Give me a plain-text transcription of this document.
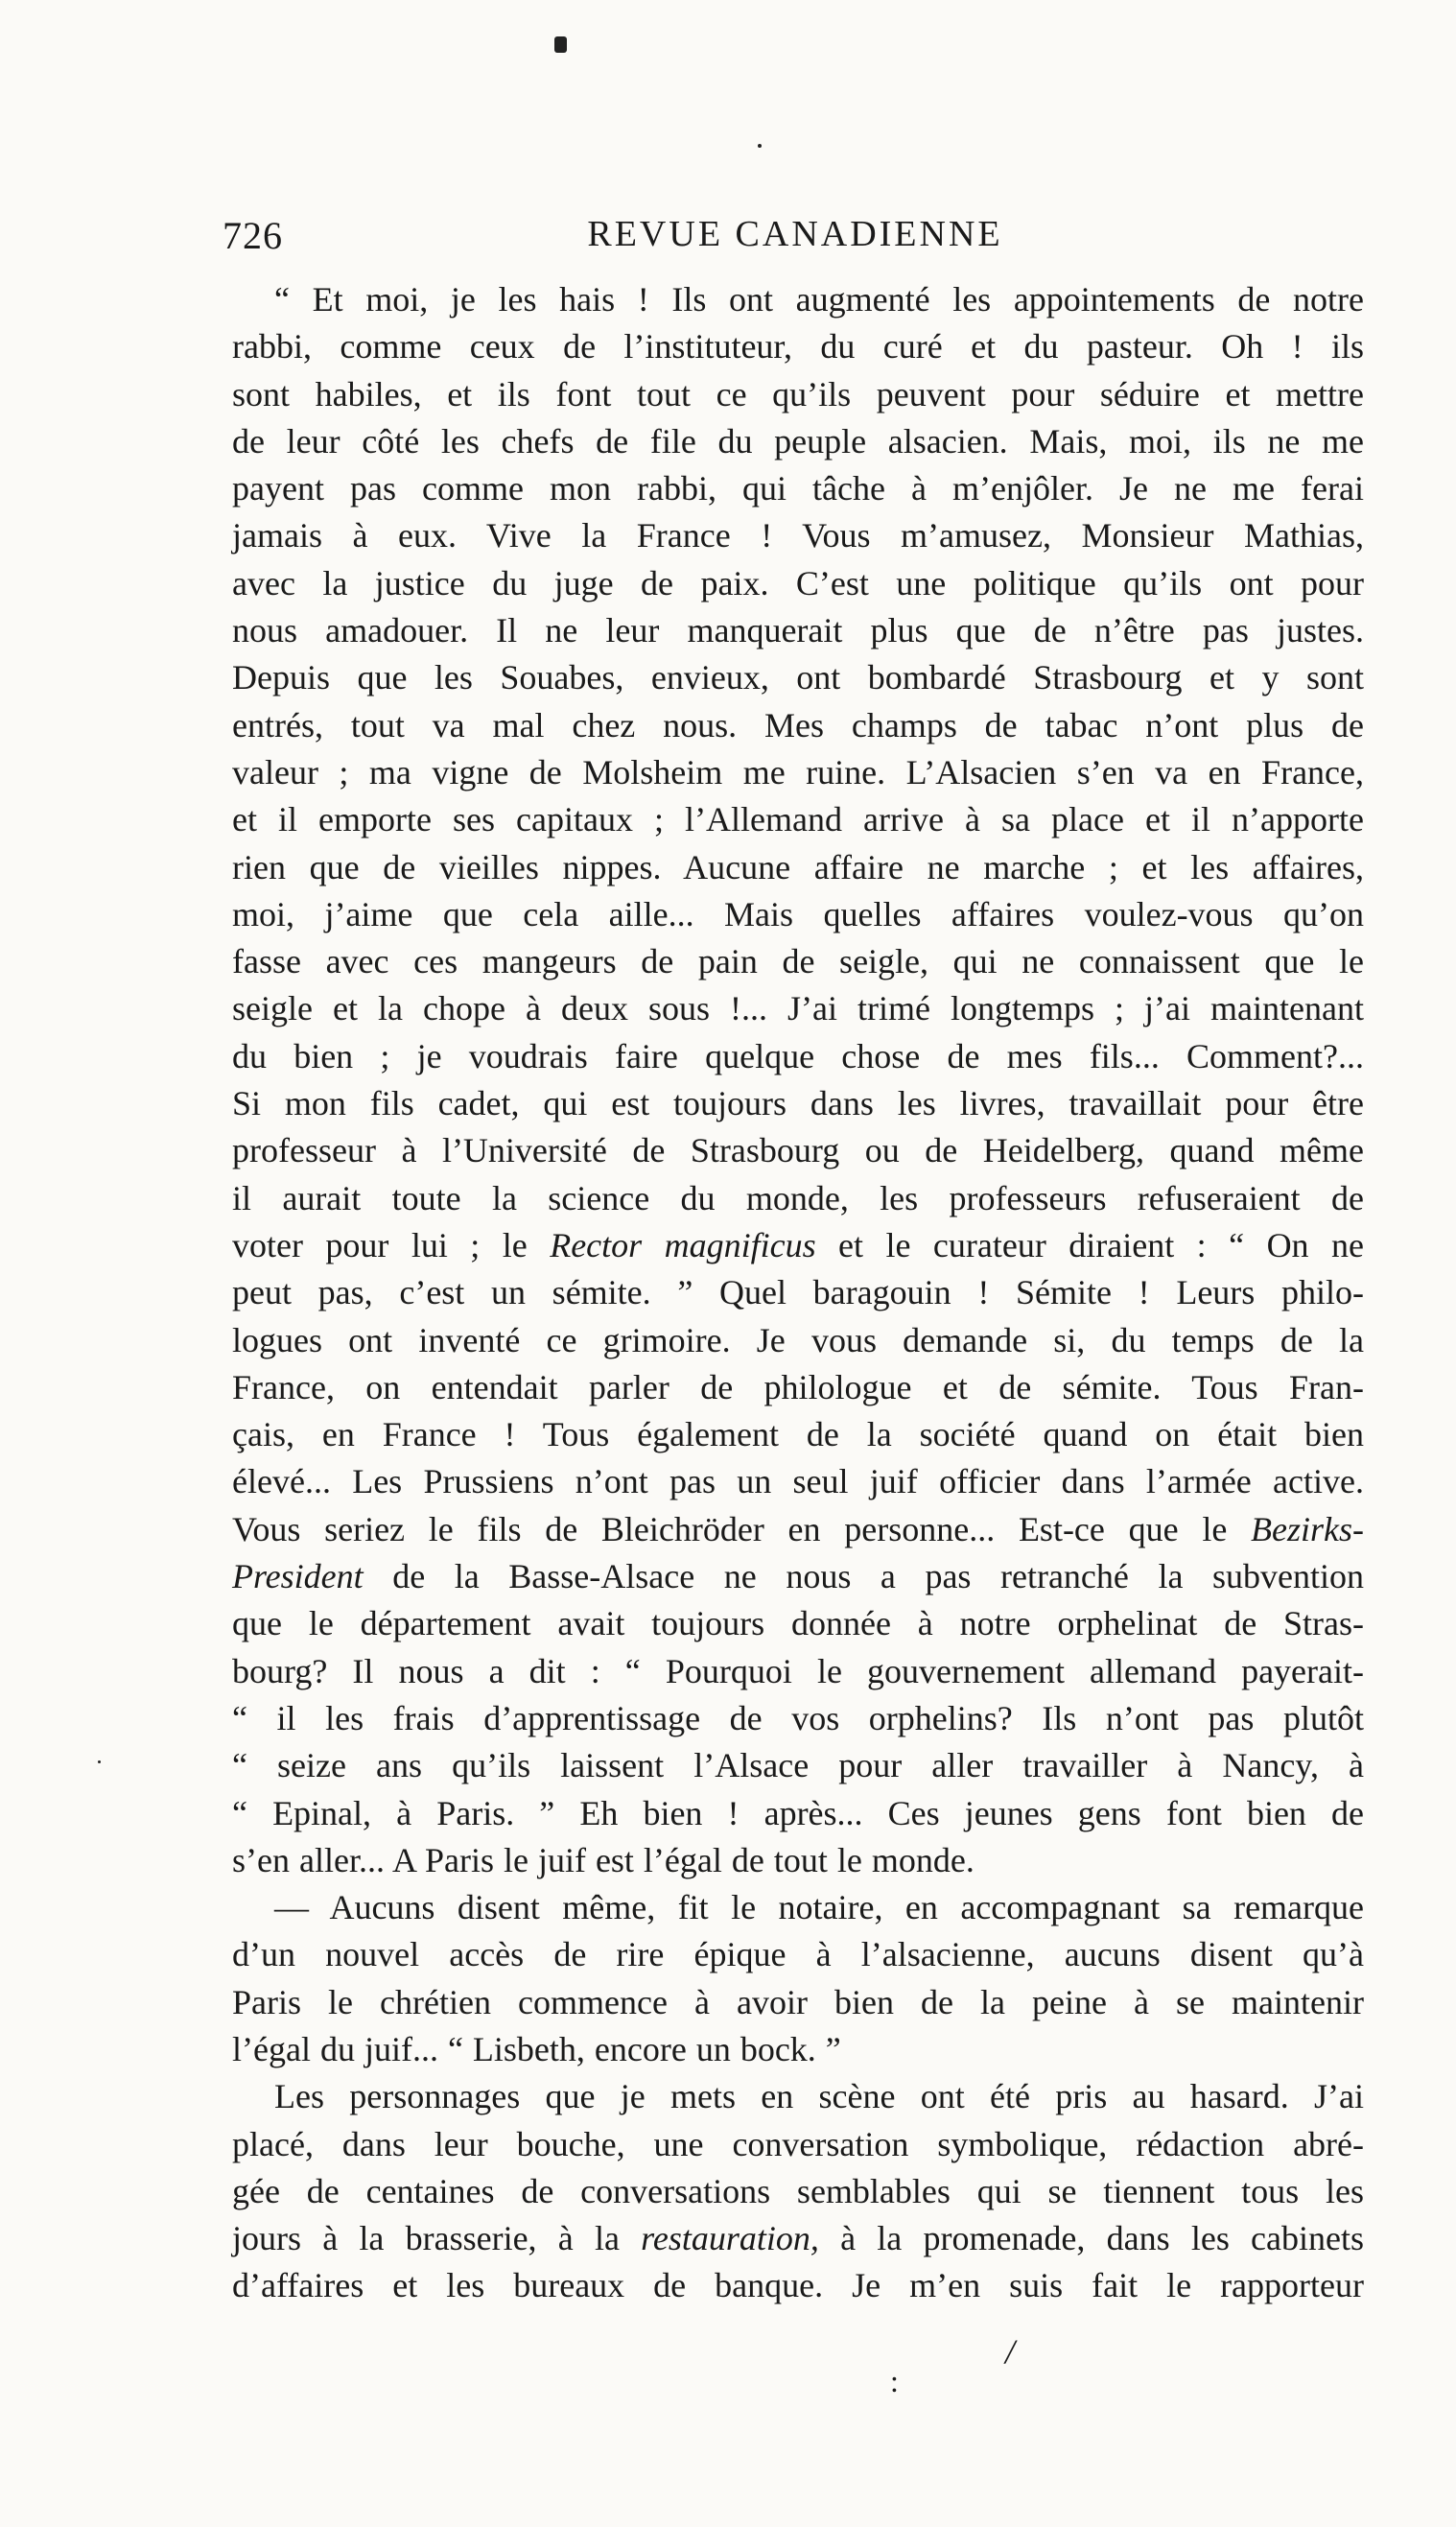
726	REVUE CANADIENNE

“ Et moi, je les hais ! Ils ont augmenté les appointements de notre

rabbi, comme ceux de l’instituteur, du curé et du pasteur. Oh ! ils

sont habiles, et ils font tout ce qu’ils peuvent pour séduire et mettre

de leur côté les chefs de file du peuple alsacien. Mais, moi, ils ne me

payent pas comme mon rabbi, qui tâche à m’enjôler. Je ne me ferai

jamais à eux. Vive la France ! Vous m’amusez, Monsieur Mathias,

avec la justice du juge de paix. C’est une politique qu’ils ont pour

nous amadouer. Il ne leur manquerait plus que de n’être pas justes.

Depuis que les Souabes, envieux, ont bombardé Strasbourg et y sont

entrés, tout va mal chez nous. Mes champs de tabac n’ont plus de

valeur ; ma vigne de Molsheim me ruine. L’Alsacien s’en va en France,

et il emporte ses capitaux ; l’Allemand arrive à sa place et il n’apporte

rien que de vieilles nippes. Aucune affaire ne marche ; et les affaires,

moi, j’aime que cela aille... Mais quelles affaires voulez-vous qu’on

fasse avec ces mangeurs de pain de seigle, qui ne connaissent que le

seigle et la chope à deux sous !... J’ai trimé longtemps ; j’ai maintenant

du bien ; je voudrais faire quelque chose de mes fils... Comment?...

Si mon fils cadet, qui est toujours dans les livres, travaillait pour être

professeur à l’Université de Strasbourg ou de Heidelberg, quand même

il aurait toute la science du monde, les professeurs refuseraient de

voter pour lui ; le Rector magnificus et le curateur diraient : “ On ne

peut pas, c’est un sémite. ” Quel baragouin ! Sémite ! Leurs philo-

logues ont inventé ce grimoire. Je vous demande si, du temps de la

France, on entendait parler de philologue et de sémite. Tous Fran-

çais, en France ! Tous également de la société quand on était bien

élevé... Les Prussiens n’ont pas un seul juif officier dans l’armée active.

Vous seriez le fils de Bleichröder en personne... Est-ce que le Bezirks-

President de la Basse-Alsace ne nous a pas retranché la subvention

que le département avait toujours donnée à notre orphelinat de Stras-

bourg? Il nous a dit : “ Pourquoi le gouvernement allemand payerait-

“ il les frais d’apprentissage de vos orphelins? Ils n’ont pas plutôt

“ seize ans qu’ils laissent l’Alsace pour aller travailler à Nancy, à

“ Epinal, à Paris. ” Eh bien ! après... Ces jeunes gens font bien de

s’en aller... A Paris le juif est l’égal de tout le monde.

— Aucuns disent même, fit le notaire, en accompagnant sa remarque

d’un nouvel accès de rire épique à l’alsacienne, aucuns disent qu’à

Paris le chrétien commence à avoir bien de la peine à se maintenir

l’égal du juif... “ Lisbeth, encore un bock. ”

Les personnages que je mets en scène ont été pris au hasard. J’ai

placé, dans leur bouche, une conversation symbolique, rédaction abré-

gée de centaines de conversations semblables qui se tiennent tous les

jours à la brasserie, à la restauration, à la promenade, dans les cabinets

d’affaires et les bureaux de banque. Je m’en suis fait le rapporteur

/
:
